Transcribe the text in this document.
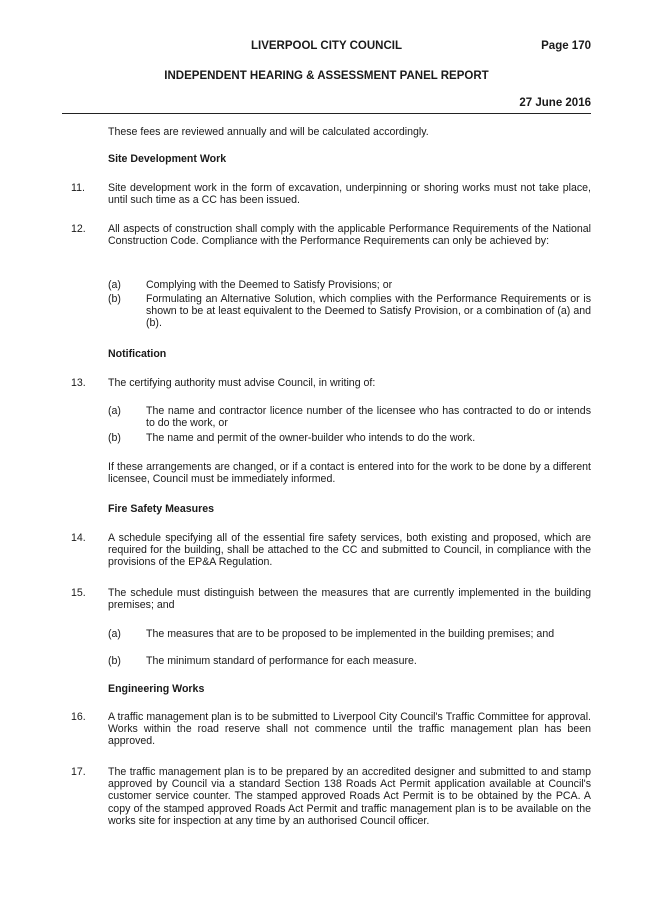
LIVERPOOL CITY COUNCIL	Page 170
INDEPENDENT HEARING & ASSESSMENT PANEL REPORT
27 June 2016
These fees are reviewed annually and will be calculated accordingly.
Site Development Work
11. Site development work in the form of excavation, underpinning or shoring works must not take place, until such time as a CC has been issued.
12. All aspects of construction shall comply with the applicable Performance Requirements of the National Construction Code. Compliance with the Performance Requirements can only be achieved by:
(a) Complying with the Deemed to Satisfy Provisions; or
(b) Formulating an Alternative Solution, which complies with the Performance Requirements or is shown to be at least equivalent to the Deemed to Satisfy Provision, or a combination of (a) and (b).
Notification
13. The certifying authority must advise Council, in writing of:
(a) The name and contractor licence number of the licensee who has contracted to do or intends to do the work, or
(b) The name and permit of the owner-builder who intends to do the work.
If these arrangements are changed, or if a contact is entered into for the work to be done by a different licensee, Council must be immediately informed.
Fire Safety Measures
14. A schedule specifying all of the essential fire safety services, both existing and proposed, which are required for the building, shall be attached to the CC and submitted to Council, in compliance with the provisions of the EP&A Regulation.
15. The schedule must distinguish between the measures that are currently implemented in the building premises; and
(a) The measures that are to be proposed to be implemented in the building premises; and
(b) The minimum standard of performance for each measure.
Engineering Works
16. A traffic management plan is to be submitted to Liverpool City Council's Traffic Committee for approval. Works within the road reserve shall not commence until the traffic management plan has been approved.
17. The traffic management plan is to be prepared by an accredited designer and submitted to and stamp approved by Council via a standard Section 138 Roads Act Permit application available at Council's customer service counter. The stamped approved Roads Act Permit is to be obtained by the PCA. A copy of the stamped approved Roads Act Permit and traffic management plan is to be available on the works site for inspection at any time by an authorised Council officer.
